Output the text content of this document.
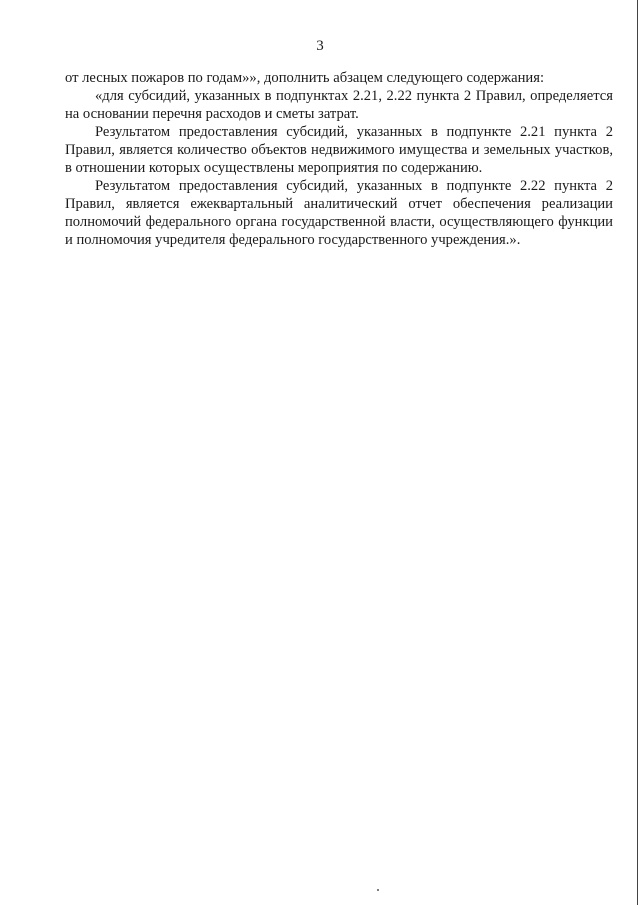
3

от лесных пожаров по годам»», дополнить абзацем следующего содержания:

«для субсидий, указанных в подпунктах 2.21, 2.22 пункта 2 Правил, определяется на основании перечня расходов и сметы затрат.

Результатом предоставления субсидий, указанных в подпункте 2.21 пункта 2 Правил, является количество объектов недвижимого имущества и земельных участков, в отношении которых осуществлены мероприятия по содержанию.

Результатом предоставления субсидий, указанных в подпункте 2.22 пункта 2 Правил, является ежеквартальный аналитический отчет обеспечения реализации полномочий федерального органа государственной власти, осуществляющего функции и полномочия учредителя федерального государственного учреждения.».
